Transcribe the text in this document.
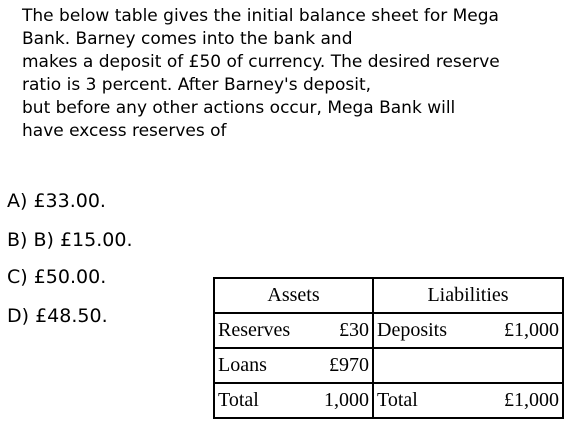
The below table gives the initial balance sheet for Mega
Bank. Barney comes into the bank and
makes a deposit of £50 of currency. The desired reserve
ratio is 3 percent. After Barney's deposit,
but before any other actions occur, Mega Bank will
have excess reserves of
A) £33.00.
B) B) £15.00.
C) £50.00.
D) £48.50.
Assets	Liabilities

Reserves £30	Deposits £1,000

Loans £970	

Total 1,000	Total £1,000
